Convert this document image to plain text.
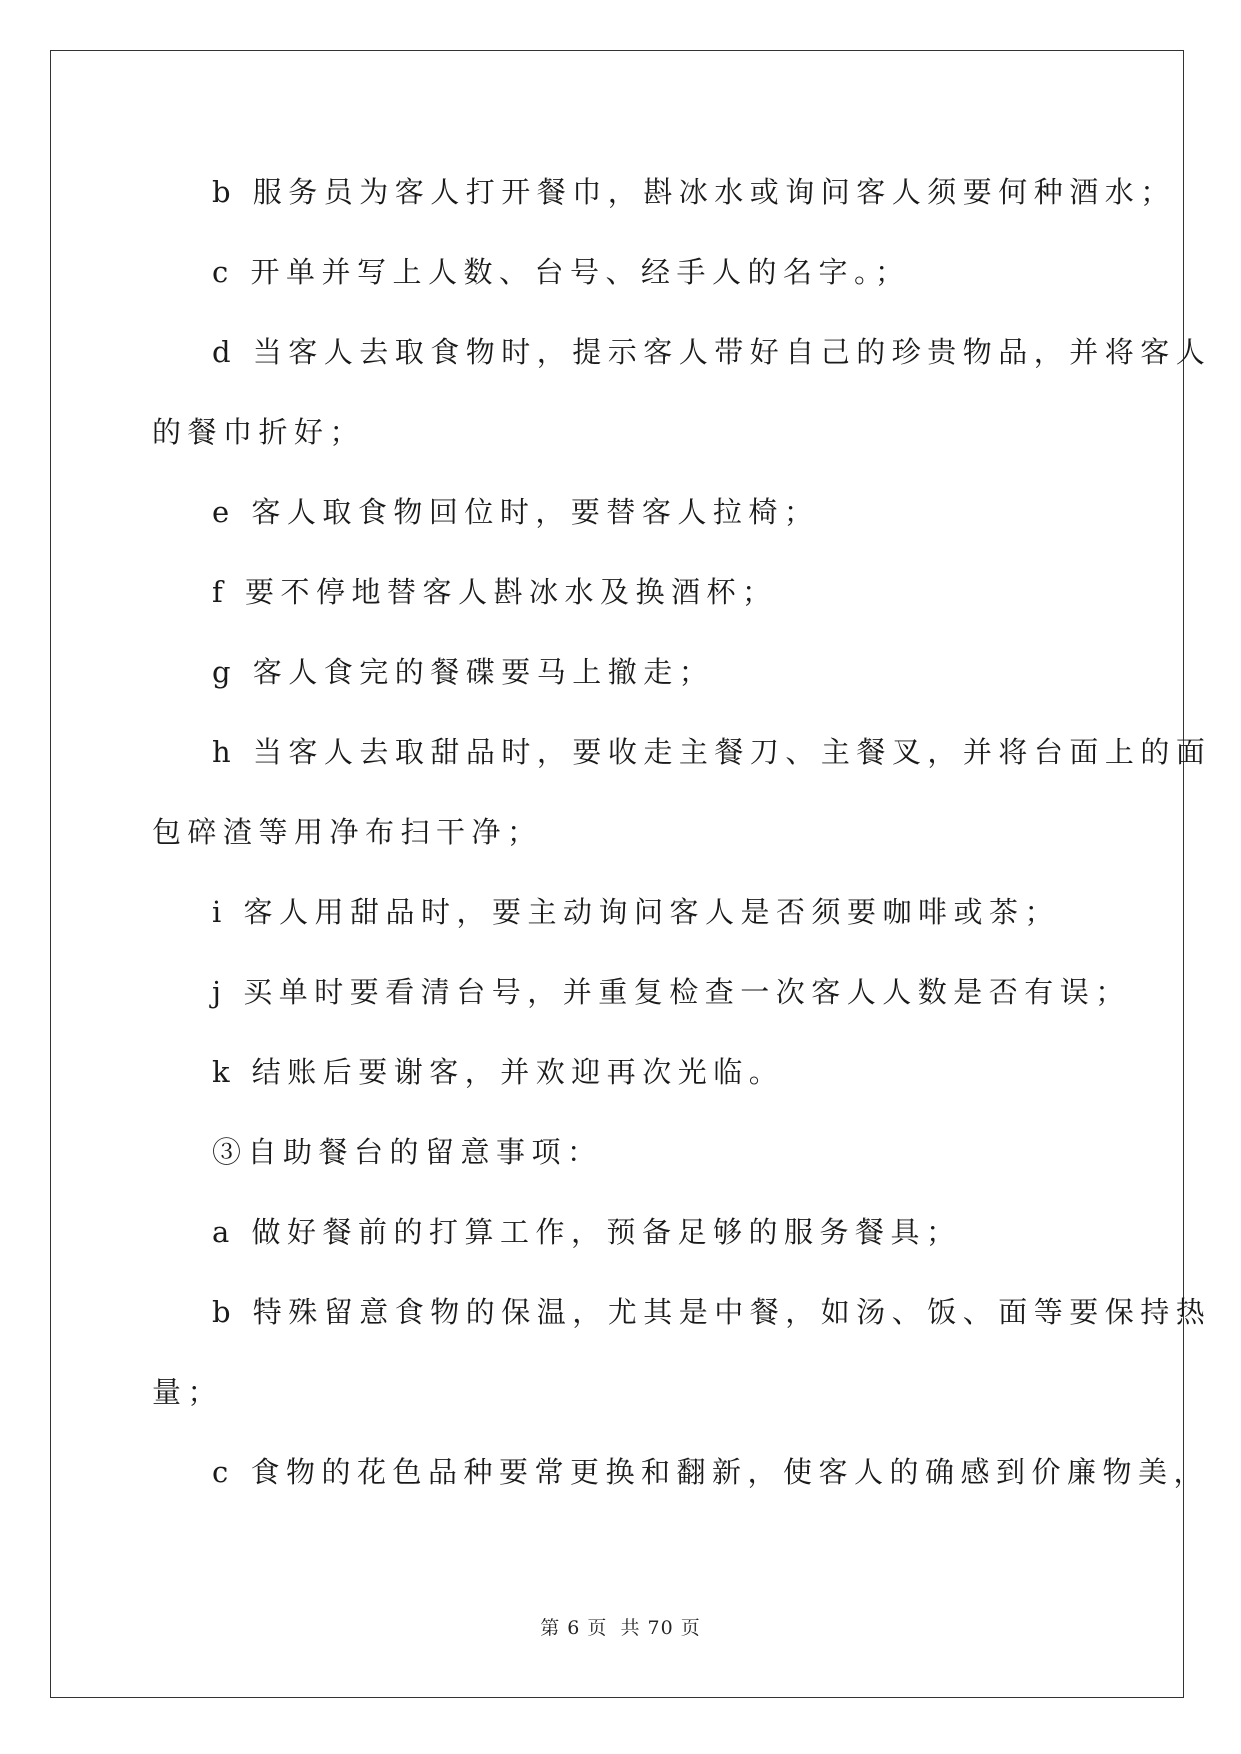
b 服务员为客人打开餐巾，斟冰水或询问客人须要何种酒水；
c 开单并写上人数、台号、经手人的名字。；
d 当客人去取食物时，提示客人带好自己的珍贵物品，并将客人
的餐巾折好；
e 客人取食物回位时，要替客人拉椅；
f 要不停地替客人斟冰水及换酒杯；
g 客人食完的餐碟要马上撤走；
h 当客人去取甜品时，要收走主餐刀、主餐叉，并将台面上的面
包碎渣等用净布扫干净；
i 客人用甜品时，要主动询问客人是否须要咖啡或茶；
j 买单时要看清台号，并重复检查一次客人人数是否有误；
k 结账后要谢客，并欢迎再次光临。
③自助餐台的留意事项：
a 做好餐前的打算工作，预备足够的服务餐具；
b 特殊留意食物的保温，尤其是中餐，如汤、饭、面等要保持热
量；
c 食物的花色品种要常更换和翻新，使客人的确感到价廉物美，
第 6 页 共 70 页
